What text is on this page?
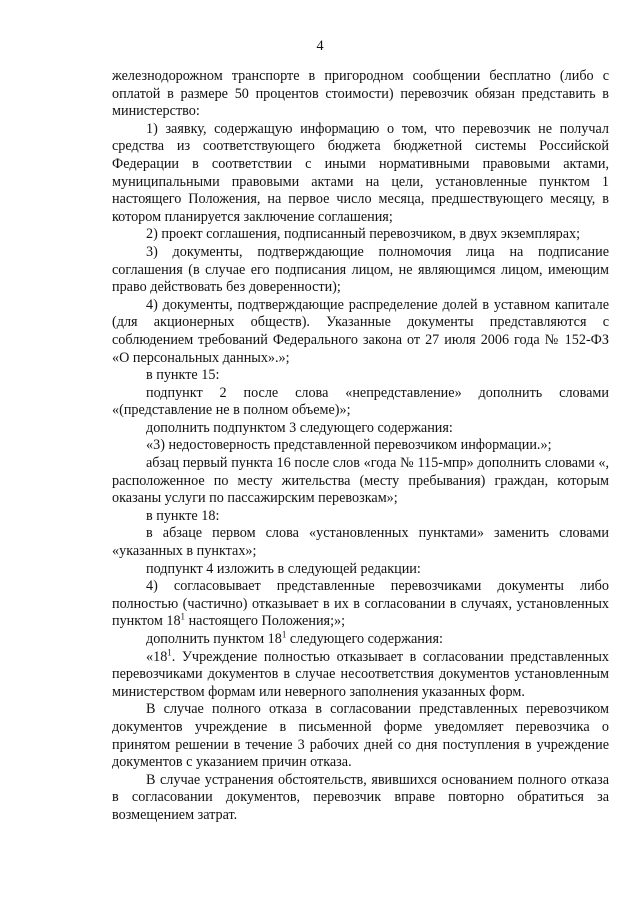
4

железнодорожном транспорте в пригородном сообщении бесплатно (либо с оплатой в размере 50 процентов стоимости) перевозчик обязан представить в министерство:

1) заявку, содержащую информацию о том, что перевозчик не получал средства из соответствующего бюджета бюджетной системы Российской Федерации в соответствии с иными нормативными правовыми актами, муниципальными правовыми актами на цели, установленные пунктом 1 настоящего Положения, на первое число месяца, предшествующего месяцу, в котором планируется заключение соглашения;

2) проект соглашения, подписанный перевозчиком, в двух экземплярах;

3) документы, подтверждающие полномочия лица на подписание соглашения (в случае его подписания лицом, не являющимся лицом, имеющим право действовать без доверенности);

4) документы, подтверждающие распределение долей в уставном капитале (для акционерных обществ). Указанные документы представляются с соблюдением требований Федерального закона от 27 июля 2006 года № 152-ФЗ «О персональных данных».»;

в пункте 15:

подпункт 2 после слова «непредставление» дополнить словами «(представление не в полном объеме)»;

дополнить подпунктом 3 следующего содержания:

«3) недостоверность представленной перевозчиком информации.»;

абзац первый пункта 16 после слов «года № 115-мпр» дополнить словами «, расположенное по месту жительства (месту пребывания) граждан, которым оказаны услуги по пассажирским перевозкам»;

в пункте 18:

в абзаце первом слова «установленных пунктами» заменить словами «указанных в пунктах»;

подпункт 4 изложить в следующей редакции:

4) согласовывает представленные перевозчиками документы либо полностью (частично) отказывает в их в согласовании в случаях, установленных пунктом $18^1$ настоящего Положения;»;

дополнить пунктом $18^1$ следующего содержания:

«$18^1$. Учреждение полностью отказывает в согласовании представленных перевозчиками документов в случае несоответствия документов установленным министерством формам или неверного заполнения указанных форм.

В случае полного отказа в согласовании представленных перевозчиком документов учреждение в письменной форме уведомляет перевозчика о принятом решении в течение 3 рабочих дней со дня поступления в учреждение документов с указанием причин отказа.

В случае устранения обстоятельств, явившихся основанием полного отказа в согласовании документов, перевозчик вправе повторно обратиться за возмещением затрат.
